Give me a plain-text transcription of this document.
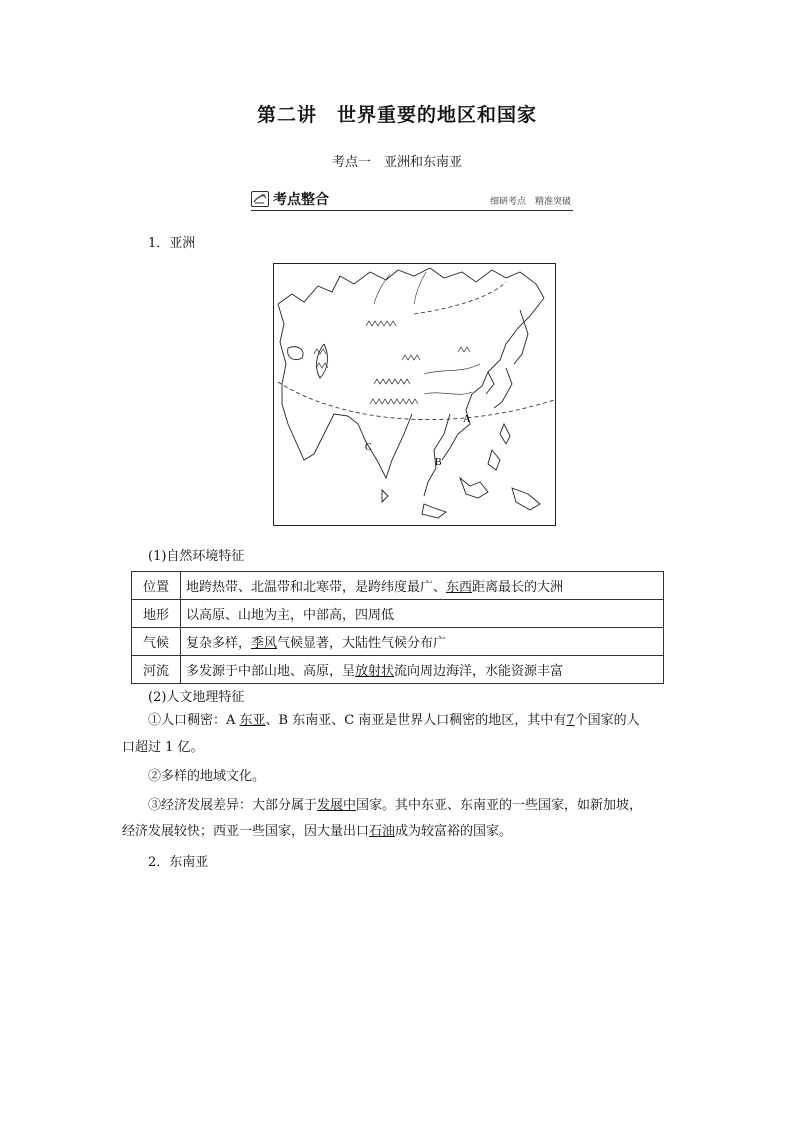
第二讲　世界重要的地区和国家
考点一　亚洲和东南亚
考点整合	细研考点　精准突破
1．亚洲
A
B
C
(1)自然环境特征
位置	地跨热带、北温带和北寒带，是跨纬度最广、东西距离最长的大洲
地形	以高原、山地为主，中部高，四周低
气候	复杂多样，季风气候显著，大陆性气候分布广
河流	多发源于中部山地、高原，呈放射状流向周边海洋，水能资源丰富
(2)人文地理特征
①人口稠密：A 东亚、B 东南亚、C 南亚是世界人口稠密的地区，其中有7个国家的人
口超过 1 亿。
②多样的地域文化。
③经济发展差异：大部分属于发展中国家。其中东亚、东南亚的一些国家，如新加坡，
经济发展较快；西亚一些国家，因大量出口石油成为较富裕的国家。
2．东南亚
